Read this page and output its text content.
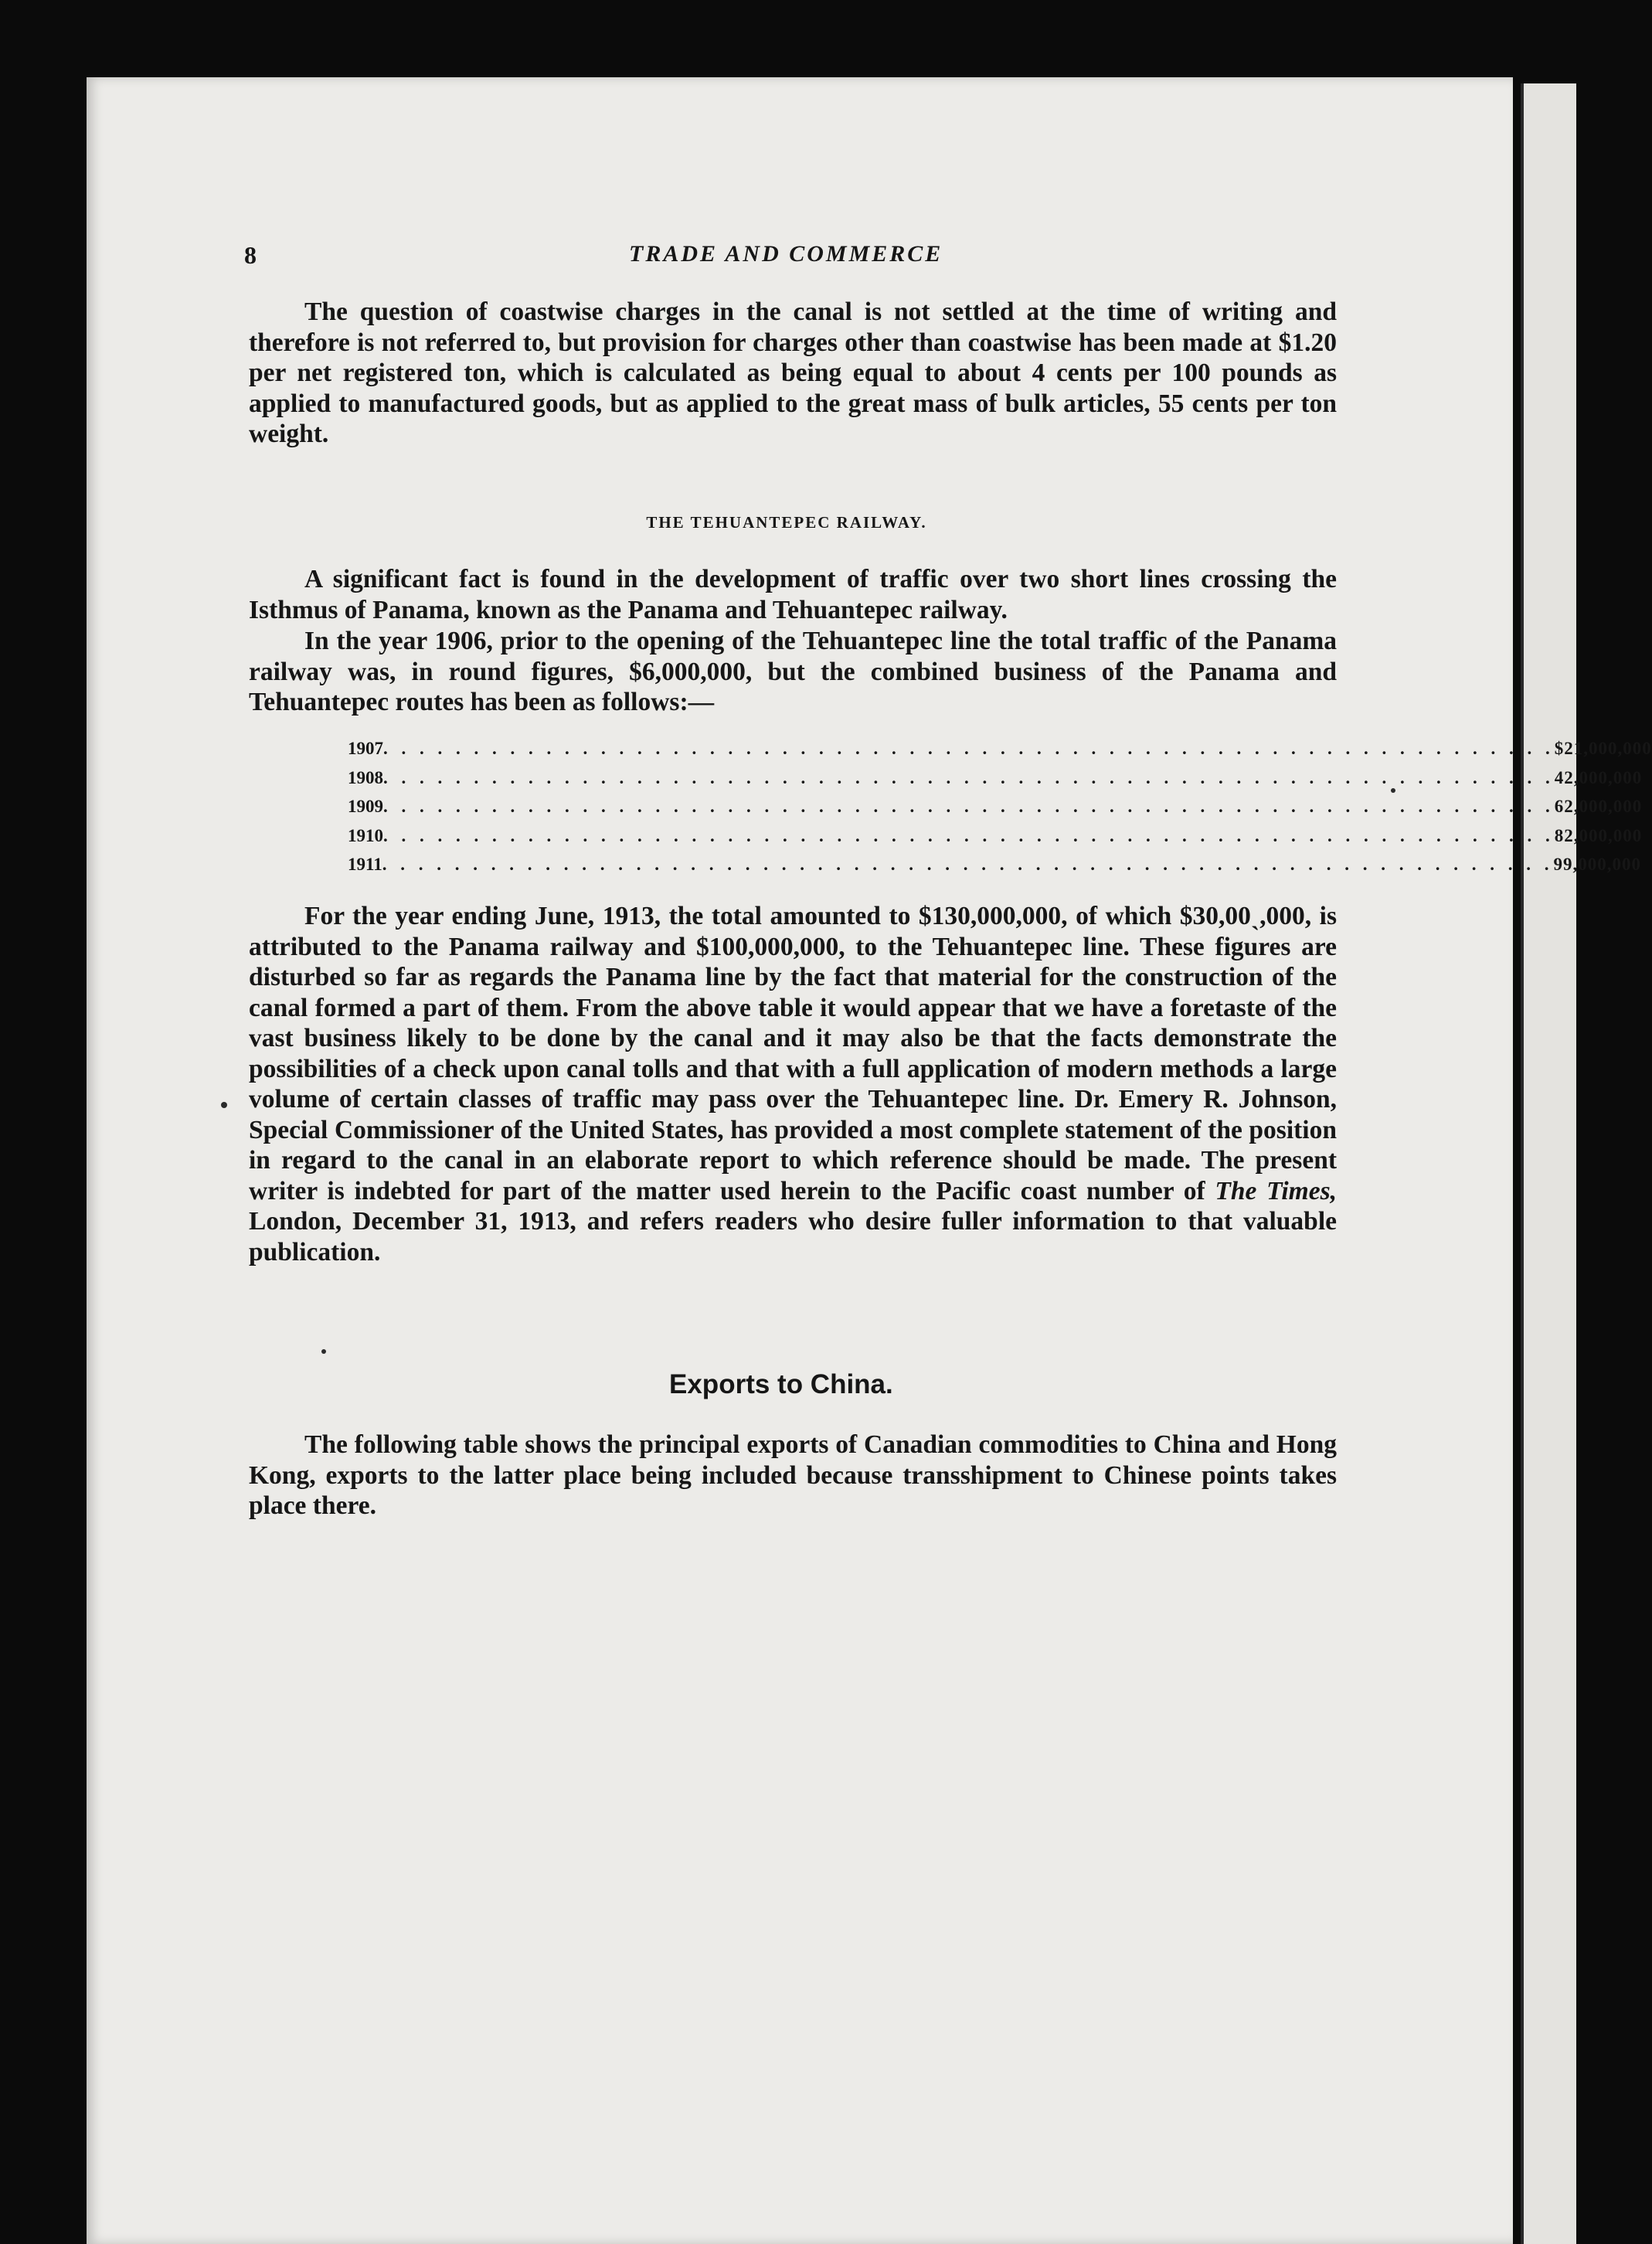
8	TRADE AND COMMERCE
The question of coastwise charges in the canal is not settled at the time of writing and therefore is not referred to, but provision for charges other than coastwise has been made at $1.20 per net registered ton, which is calculated as being equal to about 4 cents per 100 pounds as applied to manufactured goods, but as applied to the great mass of bulk articles, 55 cents per ton weight.
THE TEHUANTEPEC RAILWAY.
A significant fact is found in the development of traffic over two short lines crossing the Isthmus of Panama, known as the Panama and Tehuantepec railway.
In the year 1906, prior to the opening of the Tehuantepec line the total traffic of the Panama railway was, in round figures, $6,000,000, but the combined business of the Panama and Tehuantepec routes has been as follows:—
1907 . . . . . . . . . . . . . . . . . . . . . . . . . . . . . . . . . . . . . . . . . . . . . . . . . . . . . . . . . . . . . . . . . $21,000,000
1908 . . . . . . . . . . . . . . . . . . . . . . . . . . . . . . . . . . . . . . . . . . . . . . . . . . . . . . . . . . . . . . . . . 42,000,000
1909 . . . . . . . . . . . . . . . . . . . . . . . . . . . . . . . . . . . . . . . . . . . . . . . . . . . . . . . . . . . . . . . . . 62,000,000
1910 . . . . . . . . . . . . . . . . . . . . . . . . . . . . . . . . . . . . . . . . . . . . . . . . . . . . . . . . . . . . . . . . . 82,000,000
1911 . . . . . . . . . . . . . . . . . . . . . . . . . . . . . . . . . . . . . . . . . . . . . . . . . . . . . . . . . . . . . . . . . 99,000,000
For the year ending June, 1913, the total amounted to $130,000,000, of which $30,00ˎ,000, is attributed to the Panama railway and $100,000,000, to the Tehuantepec line. These figures are disturbed so far as regards the Panama line by the fact that material for the construction of the canal formed a part of them. From the above table it would appear that we have a foretaste of the vast business likely to be done by the canal and it may also be that the facts demonstrate the possibilities of a check upon canal tolls and that with a full application of modern methods a large volume of certain classes of traffic may pass over the Tehuantepec line. Dr. Emery R. Johnson, Special Commissioner of the United States, has provided a most complete statement of the position in regard to the canal in an elaborate report to which reference should be made. The present writer is indebted for part of the matter used herein to the Pacific coast number of The Times, London, December 31, 1913, and refers readers who desire fuller information to that valuable publication.
Exports to China.
The following table shows the principal exports of Canadian commodities to China and Hong Kong, exports to the latter place being included because transshipment to Chinese points takes place there.
